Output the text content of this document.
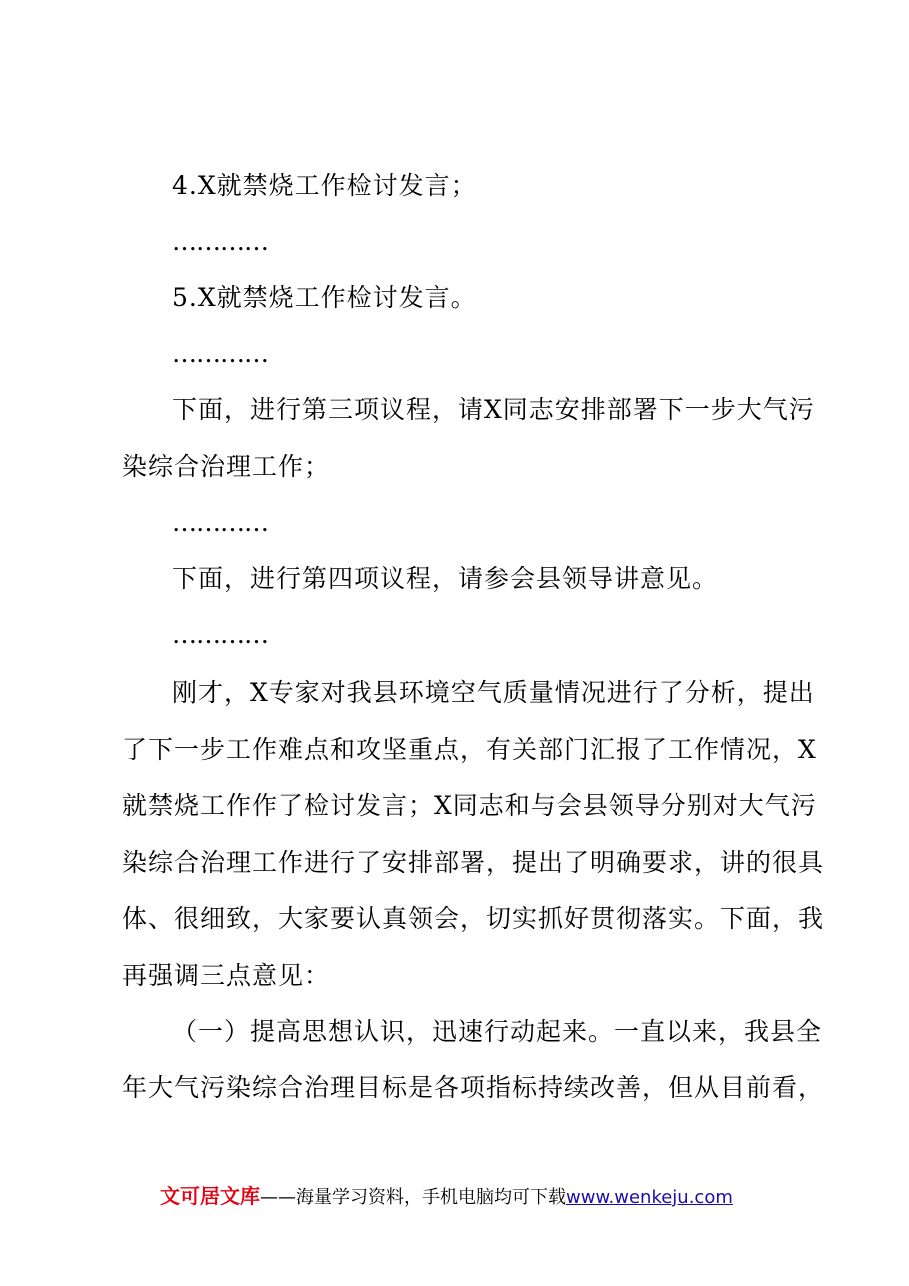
4.X就禁烧工作检讨发言；
…………
5.X就禁烧工作检讨发言。
…………
下面，进行第三项议程，请X同志安排部署下一步大气污
染综合治理工作；
…………
下面，进行第四项议程，请参会县领导讲意见。
…………
刚才，X专家对我县环境空气质量情况进行了分析，提出
了下一步工作难点和攻坚重点，有关部门汇报了工作情况，X
就禁烧工作作了检讨发言；X同志和与会县领导分别对大气污
染综合治理工作进行了安排部署，提出了明确要求，讲的很具
体、很细致，大家要认真领会，切实抓好贯彻落实。下面，我
再强调三点意见：
（一）提高思想认识，迅速行动起来。一直以来，我县全
年大气污染综合治理目标是各项指标持续改善，但从目前看，
文可居文库——海量学习资料，手机电脑均可下载www.wenkeju.com
